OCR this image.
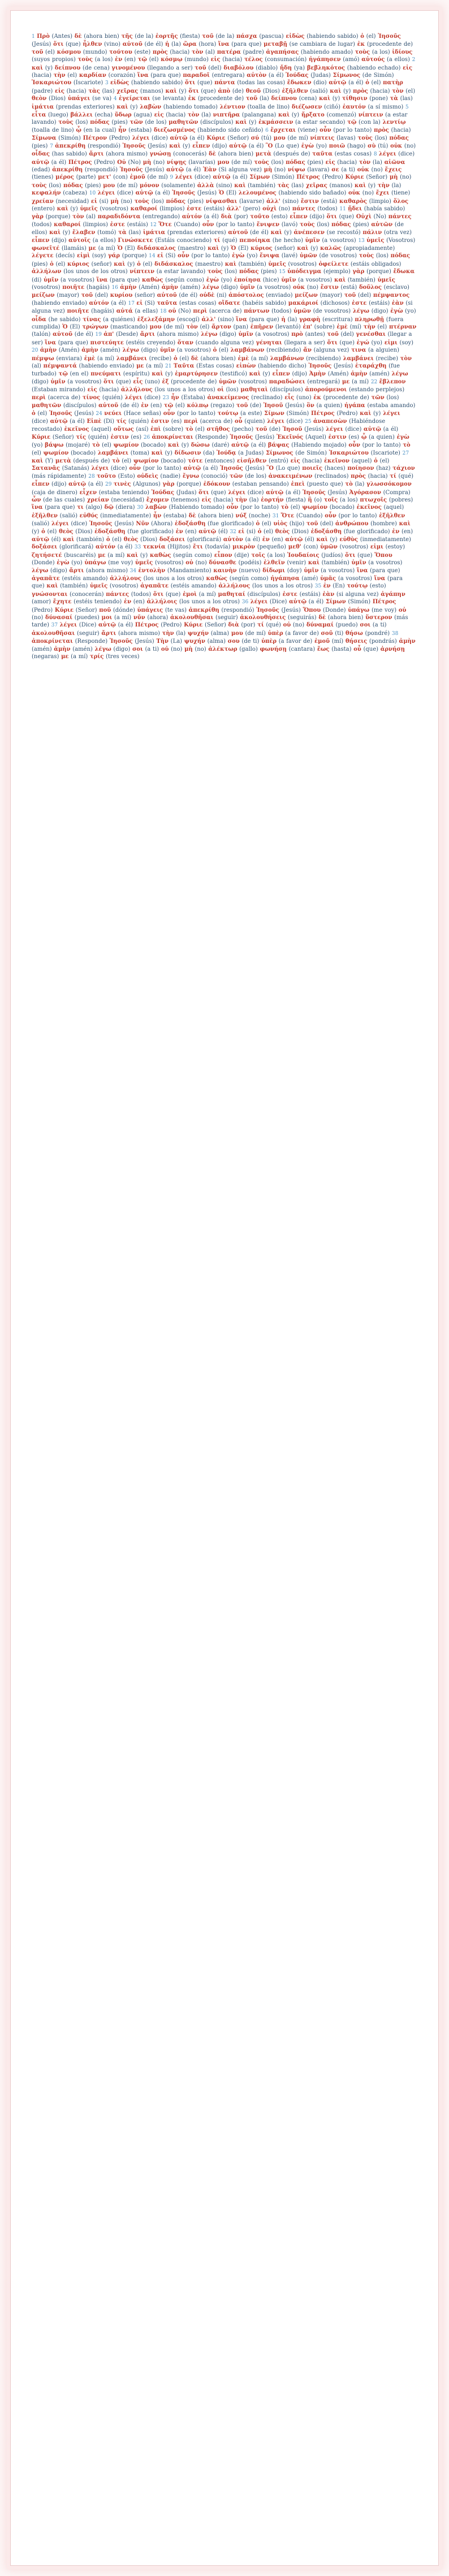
1 Πρὸ (Antes) δὲ (ahora bien) τῆς (de la) ἑορτῆς (fiesta) τοῦ (de la) πάσχα (pascua) εἰδὼς (habiendo sabido) ὁ (el) Ἰησοῦς (Jesús) ὅτι (que) ἦλθεν (vino) αὐτοῦ (de él) ἡ (la) ὥρα (hora) ἵνα (para que) μεταβῇ (se cambiara de lugar) ἐκ (procedente de) τοῦ (el) κόσμου (mundo) τούτου (este) πρὸς (hacia) τὸν (al) πατέρα (padre) ἀγαπήσας (habiendo amado) τοὺς (a los) ἰδίους (suyos propios) τοὺς (a los) ἐν (en) τῷ (el) κόσμῳ (mundo) εἰς (hacia) τέλος (consumación) ἠγάπησεν (amó) αὐτούς (a ellos) 2 καὶ (y) δείπνου (de cena) γινομένου (llegando a ser) τοῦ (del) διαβόλου (diablo) ἤδη (ya) βεβληκότος (habiendo echado) εἰς (hacia) τὴν (el) καρδίαν (corazón) ἵνα (para que) παραδοῖ (entregara) αὐτὸν (a él) Ἰούδας (Judas) Σίμωνος (de Simón) Ἰσκαριώτου (Iscariote) 3 εἰδὼς (habiendo sabido) ὅτι (que) πάντα (todas las cosas) ἔδωκεν (dio) αὐτῷ (a él) ὁ (el) πατὴρ (padre) εἰς (hacia) τὰς (las) χεῖρας (manos) καὶ (y) ὅτι (que) ἀπὸ (de) θεοῦ (Dios) ἐξῆλθεν (salió) καὶ (y) πρὸς (hacia) τὸν (el) θεὸν (Dios) ὑπάγει (se va) 4 ἐγείρεται (se levanta) ἐκ (procedente de) τοῦ (la) δείπνου (cena) καὶ (y) τίθησιν (pone) τὰ (las) ἱμάτια (prendas exteriores) καὶ (y) λαβὼν (habiendo tomado) λέντιον (toalla de lino) διέζωσεν (ciñó) ἑαυτόν (a sí mismo) 5 εἶτα (luego) βάλλει (echa) ὕδωρ (agua) εἰς (hacia) τὸν (la) νιπτῆρα (palangana) καὶ (y) ἤρξατο (comenzó) νίπτειν (a estar lavando) τοὺς (los) πόδας (pies) τῶν (de los) μαθητῶν (discípulos) καὶ (y) ἐκμάσσειν (a estar secando) τῷ (con la) λεντίῳ (toalla de lino) ᾧ (en la cual) ἦν (estaba) διεζωσμένος (habiendo sido ceñido) 6 ἔρχεται (viene) οὖν (por lo tanto) πρὸς (hacia) Σίμωνα (Simón) Πέτρον (Pedro) λέγει (dice) αὐτῷ (a él) Κύριε (Señor) σύ (tú) μου (de mí) νίπτεις (lavas) τοὺς (los) πόδας (pies) 7 ἀπεκρίθη (respondió) Ἰησοῦς (Jesús) καὶ (y) εἶπεν (dijo) αὐτῷ (a él) Ὃ (Lo que) ἐγὼ (yo) ποιῶ (hago) σὺ (tú) οὐκ (no) οἶδας (has sabido) ἄρτι (ahora mismo) γνώσῃ (conocerás) δὲ (ahora bien) μετὰ (después de) ταῦτα (estas cosas) 8 λέγει (dice) αὐτῷ (a él) Πέτρος (Pedro) Οὐ (No) μὴ (no) νίψῃς (lavarías) μου (de mí) τοὺς (los) πόδας (pies) εἰς (hacia) τὸν (la) αἰῶνα (edad) ἀπεκρίθη (respondió) Ἰησοῦς (Jesús) αὐτῷ (a él) Ἐὰν (Si alguna vez) μὴ (no) νίψω (lavara) σε (a ti) οὐκ (no) ἔχεις (tienes) μέρος (parte) μετ' (con) ἐμοῦ (de mí) 9 λέγει (dice) αὐτῷ (a él) Σίμων (Simón) Πέτρος (Pedro) Κύριε (Señor) μὴ (no) τοὺς (los) πόδας (pies) μου (de mí) μόνον (solamente) ἀλλὰ (sino) καὶ (también) τὰς (las) χεῖρας (manos) καὶ (y) τὴν (la) κεφαλήν (cabeza) 10 λέγει (dice) αὐτῷ (a él) Ἰησοῦς (Jesús) Ὁ (El) λελουμένος (habiendo sido bañado) οὐκ (no) ἔχει (tiene) χρείαν (necesidad) εἰ (si) μὴ (no) τοὺς (los) πόδας (pies) νίψασθαι (lavarse) ἀλλ' (sino) ἔστιν (está) καθαρὸς (limpio) ὅλος (entero) καὶ (y) ὑμεῖς (vosotros) καθαροί (limpios) ἐστε (estáis) ἀλλ' (pero) οὐχὶ (no) πάντες (todos) 11 ᾔδει (había sabido) γὰρ (porque) τὸν (al) παραδιδόντα (entregando) αὐτόν (a él) διὰ (por) τοῦτο (esto) εἶπεν (dijo) ὅτι (que) Οὐχὶ (No) πάντες (todos) καθαροί (limpios) ἐστε (estáis) 12 Ὅτε (Cuando) οὖν (por lo tanto) ἔνιψεν (lavó) τοὺς (los) πόδας (pies) αὐτῶν (de ellos) καὶ (y) ἔλαβεν (tomó) τὰ (las) ἱμάτια (prendas exteriores) αὐτοῦ (de él) καὶ (y) ἀνέπεσεν (se recostó) πάλιν (otra vez) εἶπεν (dijo) αὐτοῖς (a ellos) Γινώσκετε (Estáis conociendo) τί (qué) πεποίηκα (he hecho) ὑμῖν (a vosotros) 13 ὑμεῖς (Vosotros) φωνεῖτέ (llamáis) με (a mí) Ὁ (El) διδάσκαλος (maestro) καὶ (y) Ὁ (El) κύριος (señor) καὶ (y) καλῶς (apropiadamente) λέγετε (decís) εἰμὶ (soy) γάρ (porque) 14 εἰ (Si) οὖν (por lo tanto) ἐγὼ (yo) ἔνιψα (lavé) ὑμῶν (de vosotros) τοὺς (los) πόδας (pies) ὁ (el) κύριος (señor) καὶ (y) ὁ (el) διδάσκαλος (maestro) καὶ (también) ὑμεῖς (vosotros) ὀφείλετε (estáis obligados) ἀλλήλων (los unos de los otros) νίπτειν (a estar lavando) τοὺς (los) πόδας (pies) 15 ὑπόδειγμα (ejemplo) γὰρ (porque) ἔδωκα (di) ὑμῖν (a vosotros) ἵνα (para que) καθὼς (según como) ἐγὼ (yo) ἐποίησα (hice) ὑμῖν (a vosotros) καὶ (también) ὑμεῖς (vosotros) ποιῆτε (hagáis) 16 ἀμὴν (Amén) ἀμὴν (amén) λέγω (digo) ὑμῖν (a vosotros) οὐκ (no) ἔστιν (está) δοῦλος (esclavo) μείζων (mayor) τοῦ (del) κυρίου (señor) αὐτοῦ (de él) οὐδὲ (ni) ἀπόστολος (enviado) μείζων (mayor) τοῦ (del) πέμψαντος (habiendo enviado) αὐτόν (a él) 17 εἰ (Si) ταῦτα (estas cosas) οἴδατε (habéis sabido) μακάριοί (dichosos) ἐστε (estáis) ἐὰν (si alguna vez) ποιῆτε (hagáis) αὐτά (a ellas) 18 οὐ (No) περὶ (acerca de) πάντων (todos) ὑμῶν (de vosotros) λέγω (digo) ἐγὼ (yo) οἶδα (he sabido) τίνας (a quiénes) ἐξελεξάμην (escogí) ἀλλ' (sino) ἵνα (para que) ἡ (la) γραφὴ (escritura) πληρωθῇ (fuera cumplida) Ὁ (El) τρώγων (masticando) μου (de mí) τὸν (el) ἄρτον (pan) ἐπῆρεν (levantó) ἐπ' (sobre) ἐμὲ (mí) τὴν (el) πτέρναν (talón) αὐτοῦ (de él) 19 ἀπ' (Desde) ἄρτι (ahora mismo) λέγω (digo) ὑμῖν (a vosotros) πρὸ (antes) τοῦ (del) γενέσθαι (llegar a ser) ἵνα (para que) πιστεύητε (estéis creyendo) ὅταν (cuando alguna vez) γένηται (llegara a ser) ὅτι (que) ἐγώ (yo) εἰμι (soy) 20 ἀμὴν (Amén) ἀμὴν (amén) λέγω (digo) ὑμῖν (a vosotros) ὁ (el) λαμβάνων (recibiendo) ἄν (alguna vez) τινα (a alguien) πέμψω (enviara) ἐμὲ (a mí) λαμβάνει (recibe) ὁ (el) δὲ (ahora bien) ἐμὲ (a mí) λαμβάνων (recibiendo) λαμβάνει (recibe) τὸν (al) πέμψαντά (habiendo enviado) με (a mí) 21 Ταῦτα (Estas cosas) εἰπὼν (habiendo dicho) Ἰησοῦς (Jesús) ἐταράχθη (fue turbado) τῷ (en el) πνεύματι (espíritu) καὶ (y) ἐμαρτύρησεν (testificó) καὶ (y) εἶπεν (dijo) Ἀμὴν (Amén) ἀμὴν (amén) λέγω (digo) ὑμῖν (a vosotros) ὅτι (que) εἷς (uno) ἐξ (procedente de) ὑμῶν (vosotros) παραδώσει (entregará) με (a mí) 22 ἔβλεπον (Estaban mirando) εἰς (hacia) ἀλλήλους (los unos a los otros) οἱ (los) μαθηταὶ (discípulos) ἀπορούμενοι (estando perplejos) περὶ (acerca de) τίνος (quién) λέγει (dice) 23 ἦν (Estaba) ἀνακείμενος (reclinado) εἷς (uno) ἐκ (procedente de) τῶν (los) μαθητῶν (discípulos) αὐτοῦ (de él) ἐν (en) τῷ (el) κόλπῳ (regazo) τοῦ (de) Ἰησοῦ (Jesús) ὃν (a quien) ἠγάπα (estaba amando) ὁ (el) Ἰησοῦς (Jesús) 24 νεύει (Hace señas) οὖν (por lo tanto) τούτῳ (a este) Σίμων (Simón) Πέτρος (Pedro) καὶ (y) λέγει (dice) αὐτῷ (a él) Εἰπὲ (Di) τίς (quién) ἐστιν (es) περὶ (acerca de) οὗ (quien) λέγει (dice) 25 ἀναπεσὼν (Habiéndose recostado) ἐκεῖνος (aquel) οὕτως (así) ἐπὶ (sobre) τὸ (el) στῆθος (pecho) τοῦ (de) Ἰησοῦ (Jesús) λέγει (dice) αὐτῷ (a él) Κύριε (Señor) τίς (quién) ἐστιν (es) 26 ἀποκρίνεται (Responde) Ἰησοῦς (Jesús) Ἐκεῖνός (Aquel) ἐστιν (es) ᾧ (a quien) ἐγὼ (yo) βάψω (mojaré) τὸ (el) ψωμίον (bocado) καὶ (y) δώσω (daré) αὐτῷ (a él) βάψας (Habiendo mojado) οὖν (por lo tanto) τὸ (el) ψωμίον (bocado) λαμβάνει (toma) καὶ (y) δίδωσιν (da) Ἰούδᾳ (a Judas) Σίμωνος (de Simón) Ἰσκαριώτου (Iscariote) 27 καὶ (Y) μετὰ (después de) τὸ (el) ψωμίον (bocado) τότε (entonces) εἰσῆλθεν (entró) εἰς (hacia) ἐκεῖνον (aquel) ὁ (el) Σατανᾶς (Satanás) λέγει (dice) οὖν (por lo tanto) αὐτῷ (a él) Ἰησοῦς (Jesús) Ὃ (Lo que) ποιεῖς (haces) ποίησον (haz) τάχιον (más rápidamente) 28 τοῦτο (Esto) οὐδεὶς (nadie) ἔγνω (conoció) τῶν (de los) ἀνακειμένων (reclinados) πρὸς (hacia) τί (qué) εἶπεν (dijo) αὐτῷ (a él) 29 τινὲς (Algunos) γὰρ (porque) ἐδόκουν (estaban pensando) ἐπεὶ (puesto que) τὸ (la) γλωσσόκομον (caja de dinero) εἶχεν (estaba teniendo) Ἰούδας (Judas) ὅτι (que) λέγει (dice) αὐτῷ (a él) Ἰησοῦς (Jesús) Ἀγόρασον (Compra) ὧν (de las cuales) χρείαν (necesidad) ἔχομεν (tenemos) εἰς (hacia) τὴν (la) ἑορτήν (fiesta) ἢ (o) τοῖς (a los) πτωχοῖς (pobres) ἵνα (para que) τι (algo) δῷ (diera) 30 λαβὼν (Habiendo tomado) οὖν (por lo tanto) τὸ (el) ψωμίον (bocado) ἐκεῖνος (aquel) ἐξῆλθεν (salió) εὐθύς (inmediatamente) ἦν (estaba) δὲ (ahora bien) νύξ (noche) 31 Ὅτε (Cuando) οὖν (por lo tanto) ἐξῆλθεν (salió) λέγει (dice) Ἰησοῦς (Jesús) Νῦν (Ahora) ἐδοξάσθη (fue glorificado) ὁ (el) υἱὸς (hijo) τοῦ (del) ἀνθρώπου (hombre) καὶ (y) ὁ (el) θεὸς (Dios) ἐδοξάσθη (fue glorificado) ἐν (en) αὐτῷ (él) 32 εἰ (si) ὁ (el) θεὸς (Dios) ἐδοξάσθη (fue glorificado) ἐν (en) αὐτῷ (él) καὶ (también) ὁ (el) θεὸς (Dios) δοξάσει (glorificará) αὐτὸν (a él) ἐν (en) αὐτῷ (él) καὶ (y) εὐθὺς (inmediatamente) δοξάσει (glorificará) αὐτόν (a él) 33 τεκνία (Hijitos) ἔτι (todavía) μικρὸν (pequeño) μεθ' (con) ὑμῶν (vosotros) εἰμι (estoy) ζητήσετέ (buscaréis) με (a mí) καὶ (y) καθὼς (según como) εἶπον (dije) τοῖς (a los) Ἰουδαίοις (judíos) ὅτι (que) Ὅπου (Donde) ἐγὼ (yo) ὑπάγω (me voy) ὑμεῖς (vosotros) οὐ (no) δύνασθε (podéis) ἐλθεῖν (venir) καὶ (también) ὑμῖν (a vosotros) λέγω (digo) ἄρτι (ahora mismo) 34 ἐντολὴν (Mandamiento) καινὴν (nuevo) δίδωμι (doy) ὑμῖν (a vosotros) ἵνα (para que) ἀγαπᾶτε (estéis amando) ἀλλήλους (los unos a los otros) καθὼς (según como) ἠγάπησα (amé) ὑμᾶς (a vosotros) ἵνα (para que) καὶ (también) ὑμεῖς (vosotros) ἀγαπᾶτε (estéis amando) ἀλλήλους (los unos a los otros) 35 ἐν (En) τούτῳ (esto) γνώσονται (conocerán) πάντες (todos) ὅτι (que) ἐμοὶ (a mí) μαθηταί (discípulos) ἐστε (estáis) ἐὰν (si alguna vez) ἀγάπην (amor) ἔχητε (estéis teniendo) ἐν (en) ἀλλήλοις (los unos a los otros) 36 λέγει (Dice) αὐτῷ (a él) Σίμων (Simón) Πέτρος (Pedro) Κύριε (Señor) ποῦ (dónde) ὑπάγεις (te vas) ἀπεκρίθη (respondió) Ἰησοῦς (Jesús) Ὅπου (Donde) ὑπάγω (me voy) οὐ (no) δύνασαί (puedes) μοι (a mí) νῦν (ahora) ἀκολουθῆσαι (seguir) ἀκολουθήσεις (seguirás) δὲ (ahora bien) ὕστερον (más tarde) 37 λέγει (Dice) αὐτῷ (a él) Πέτρος (Pedro) Κύριε (Señor) διὰ (por) τί (qué) οὐ (no) δύναμαί (puedo) σοι (a ti) ἀκολουθῆσαι (seguir) ἄρτι (ahora mismo) τὴν (la) ψυχήν (alma) μου (de mí) ὑπὲρ (a favor de) σοῦ (ti) θήσω (pondré) 38 ἀποκρίνεται (Responde) Ἰησοῦς (Jesús) Τὴν (La) ψυχήν (alma) σου (de ti) ὑπὲρ (a favor de) ἐμοῦ (mí) θήσεις (pondrás) ἀμὴν (amén) ἀμὴν (amén) λέγω (digo) σοι (a ti) οὐ (no) μὴ (no) ἀλέκτωρ (gallo) φωνήσῃ (cantara) ἕως (hasta) οὗ (que) ἀρνήσῃ (negaras) με (a mí) τρίς (tres veces)
